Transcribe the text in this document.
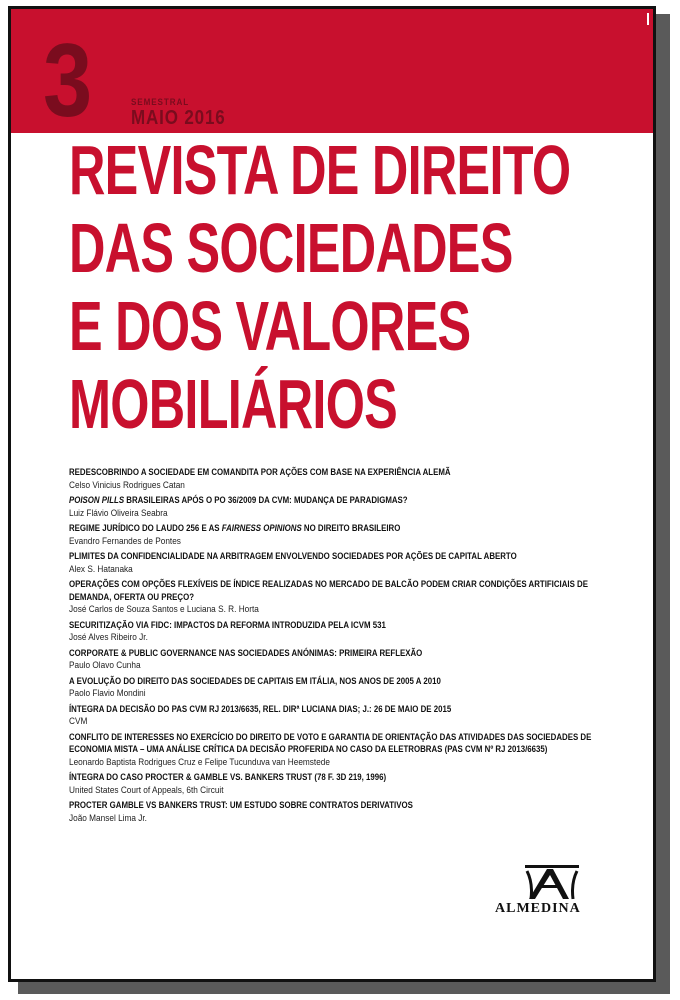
3	SEMESTRAL
MAIO 2016
REVISTA DE DIREITO
DAS SOCIEDADES
E DOS VALORES
MOBILIÁRIOS
REDESCOBRINDO A SOCIEDADE EM COMANDITA POR AÇÕES COM BASE NA EXPERIÊNCIA ALEMÃ
Celso Vinicius Rodrigues Catan
POISON PILLS BRASILEIRAS APÓS O PO 36/2009 DA CVM: MUDANÇA DE PARADIGMAS?
Luiz Flávio Oliveira Seabra
REGIME JURÍDICO DO LAUDO 256 E AS FAIRNESS OPINIONS NO DIREITO BRASILEIRO
Evandro Fernandes de Pontes
PLIMITES DA CONFIDENCIALIDADE NA ARBITRAGEM ENVOLVENDO SOCIEDADES POR AÇÕES DE CAPITAL ABERTO
Alex S. Hatanaka
OPERAÇÕES COM OPÇÕES FLEXÍVEIS DE ÍNDICE REALIZADAS NO MERCADO DE BALCÃO PODEM CRIAR CONDIÇÕES ARTIFICIAIS DE DEMANDA, OFERTA OU PREÇO?
José Carlos de Souza Santos e Luciana S. R. Horta
SECURITIZAÇÃO VIA FIDC: IMPACTOS DA REFORMA INTRODUZIDA PELA ICVM 531
José Alves Ribeiro Jr.
CORPORATE & PUBLIC GOVERNANCE NAS SOCIEDADES ANÓNIMAS: PRIMEIRA REFLEXÃO
Paulo Olavo Cunha
A EVOLUÇÃO DO DIREITO DAS SOCIEDADES DE CAPITAIS EM ITÁLIA, NOS ANOS DE 2005 A 2010
Paolo Flavio Mondini
ÍNTEGRA DA DECISÃO DO PAS CVM RJ 2013/6635, REL. DIRª LUCIANA DIAS; J.: 26 DE MAIO DE 2015
CVM
CONFLITO DE INTERESSES NO EXERCÍCIO DO DIREITO DE VOTO E GARANTIA DE ORIENTAÇÃO DAS ATIVIDADES DAS SOCIEDADES DE ECONOMIA MISTA – UMA ANÁLISE CRÍTICA DA DECISÃO PROFERIDA NO CASO DA ELETROBRAS (PAS CVM Nº RJ 2013/6635)
Leonardo Baptista Rodrigues Cruz e Felipe Tucunduva van Heemstede
ÍNTEGRA DO CASO PROCTER & GAMBLE VS. BANKERS TRUST (78 F. 3D 219, 1996)
United States Court of Appeals, 6th Circuit
PROCTER GAMBLE VS BANKERS TRUST: UM ESTUDO SOBRE CONTRATOS DERIVATIVOS
João Mansel Lima Jr.
ALMEDINA
